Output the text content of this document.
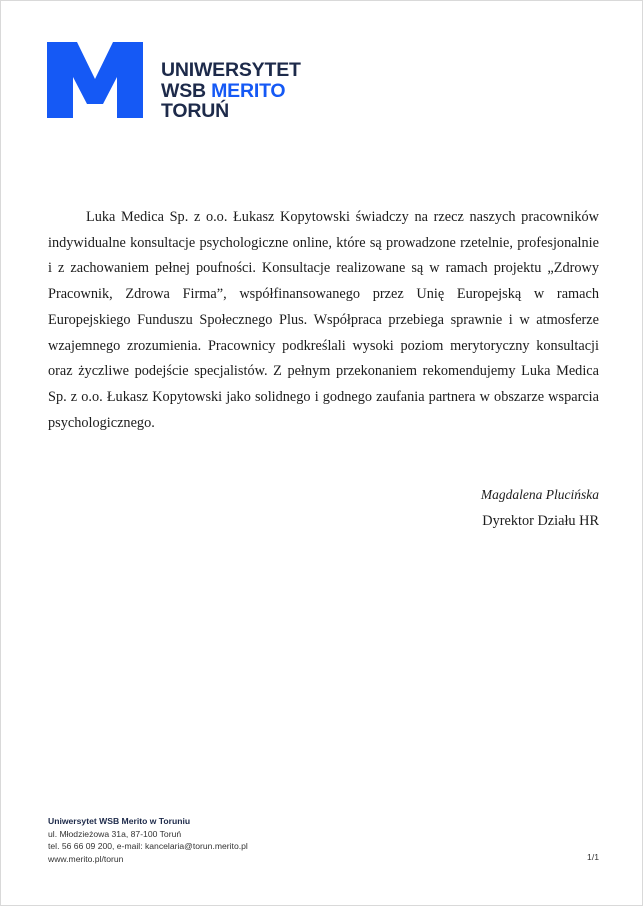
UNIWERSYTET
WSB MERITO
TORUŃ

Luka Medica Sp. z o.o. Łukasz Kopytowski świadczy na rzecz naszych pracowników indywidualne konsultacje psychologiczne online, które są prowadzone rzetelnie, profesjonalnie i z zachowaniem pełnej poufności. Konsultacje realizowane są w ramach projektu „Zdrowy Pracownik, Zdrowa Firma”, współfinansowanego przez Unię Europejską w ramach Europejskiego Funduszu Społecznego Plus. Współpraca przebiega sprawnie i w atmosferze wzajemnego zrozumienia. Pracownicy podkreślali wysoki poziom merytoryczny konsultacji oraz życzliwe podejście specjalistów. Z pełnym przekonaniem rekomendujemy Luka Medica Sp. z o.o. Łukasz Kopytowski jako solidnego i godnego zaufania partnera w obszarze wsparcia psychologicznego.

Magdalena Plucińska
Dyrektor Działu HR
Uniwersytet WSB Merito w Toruniu
ul. Młodzieżowa 31a, 87-100 Toruń
tel. 56 66 09 200, e-mail: kancelaria@torun.merito.pl
www.merito.pl/torun	1/1
